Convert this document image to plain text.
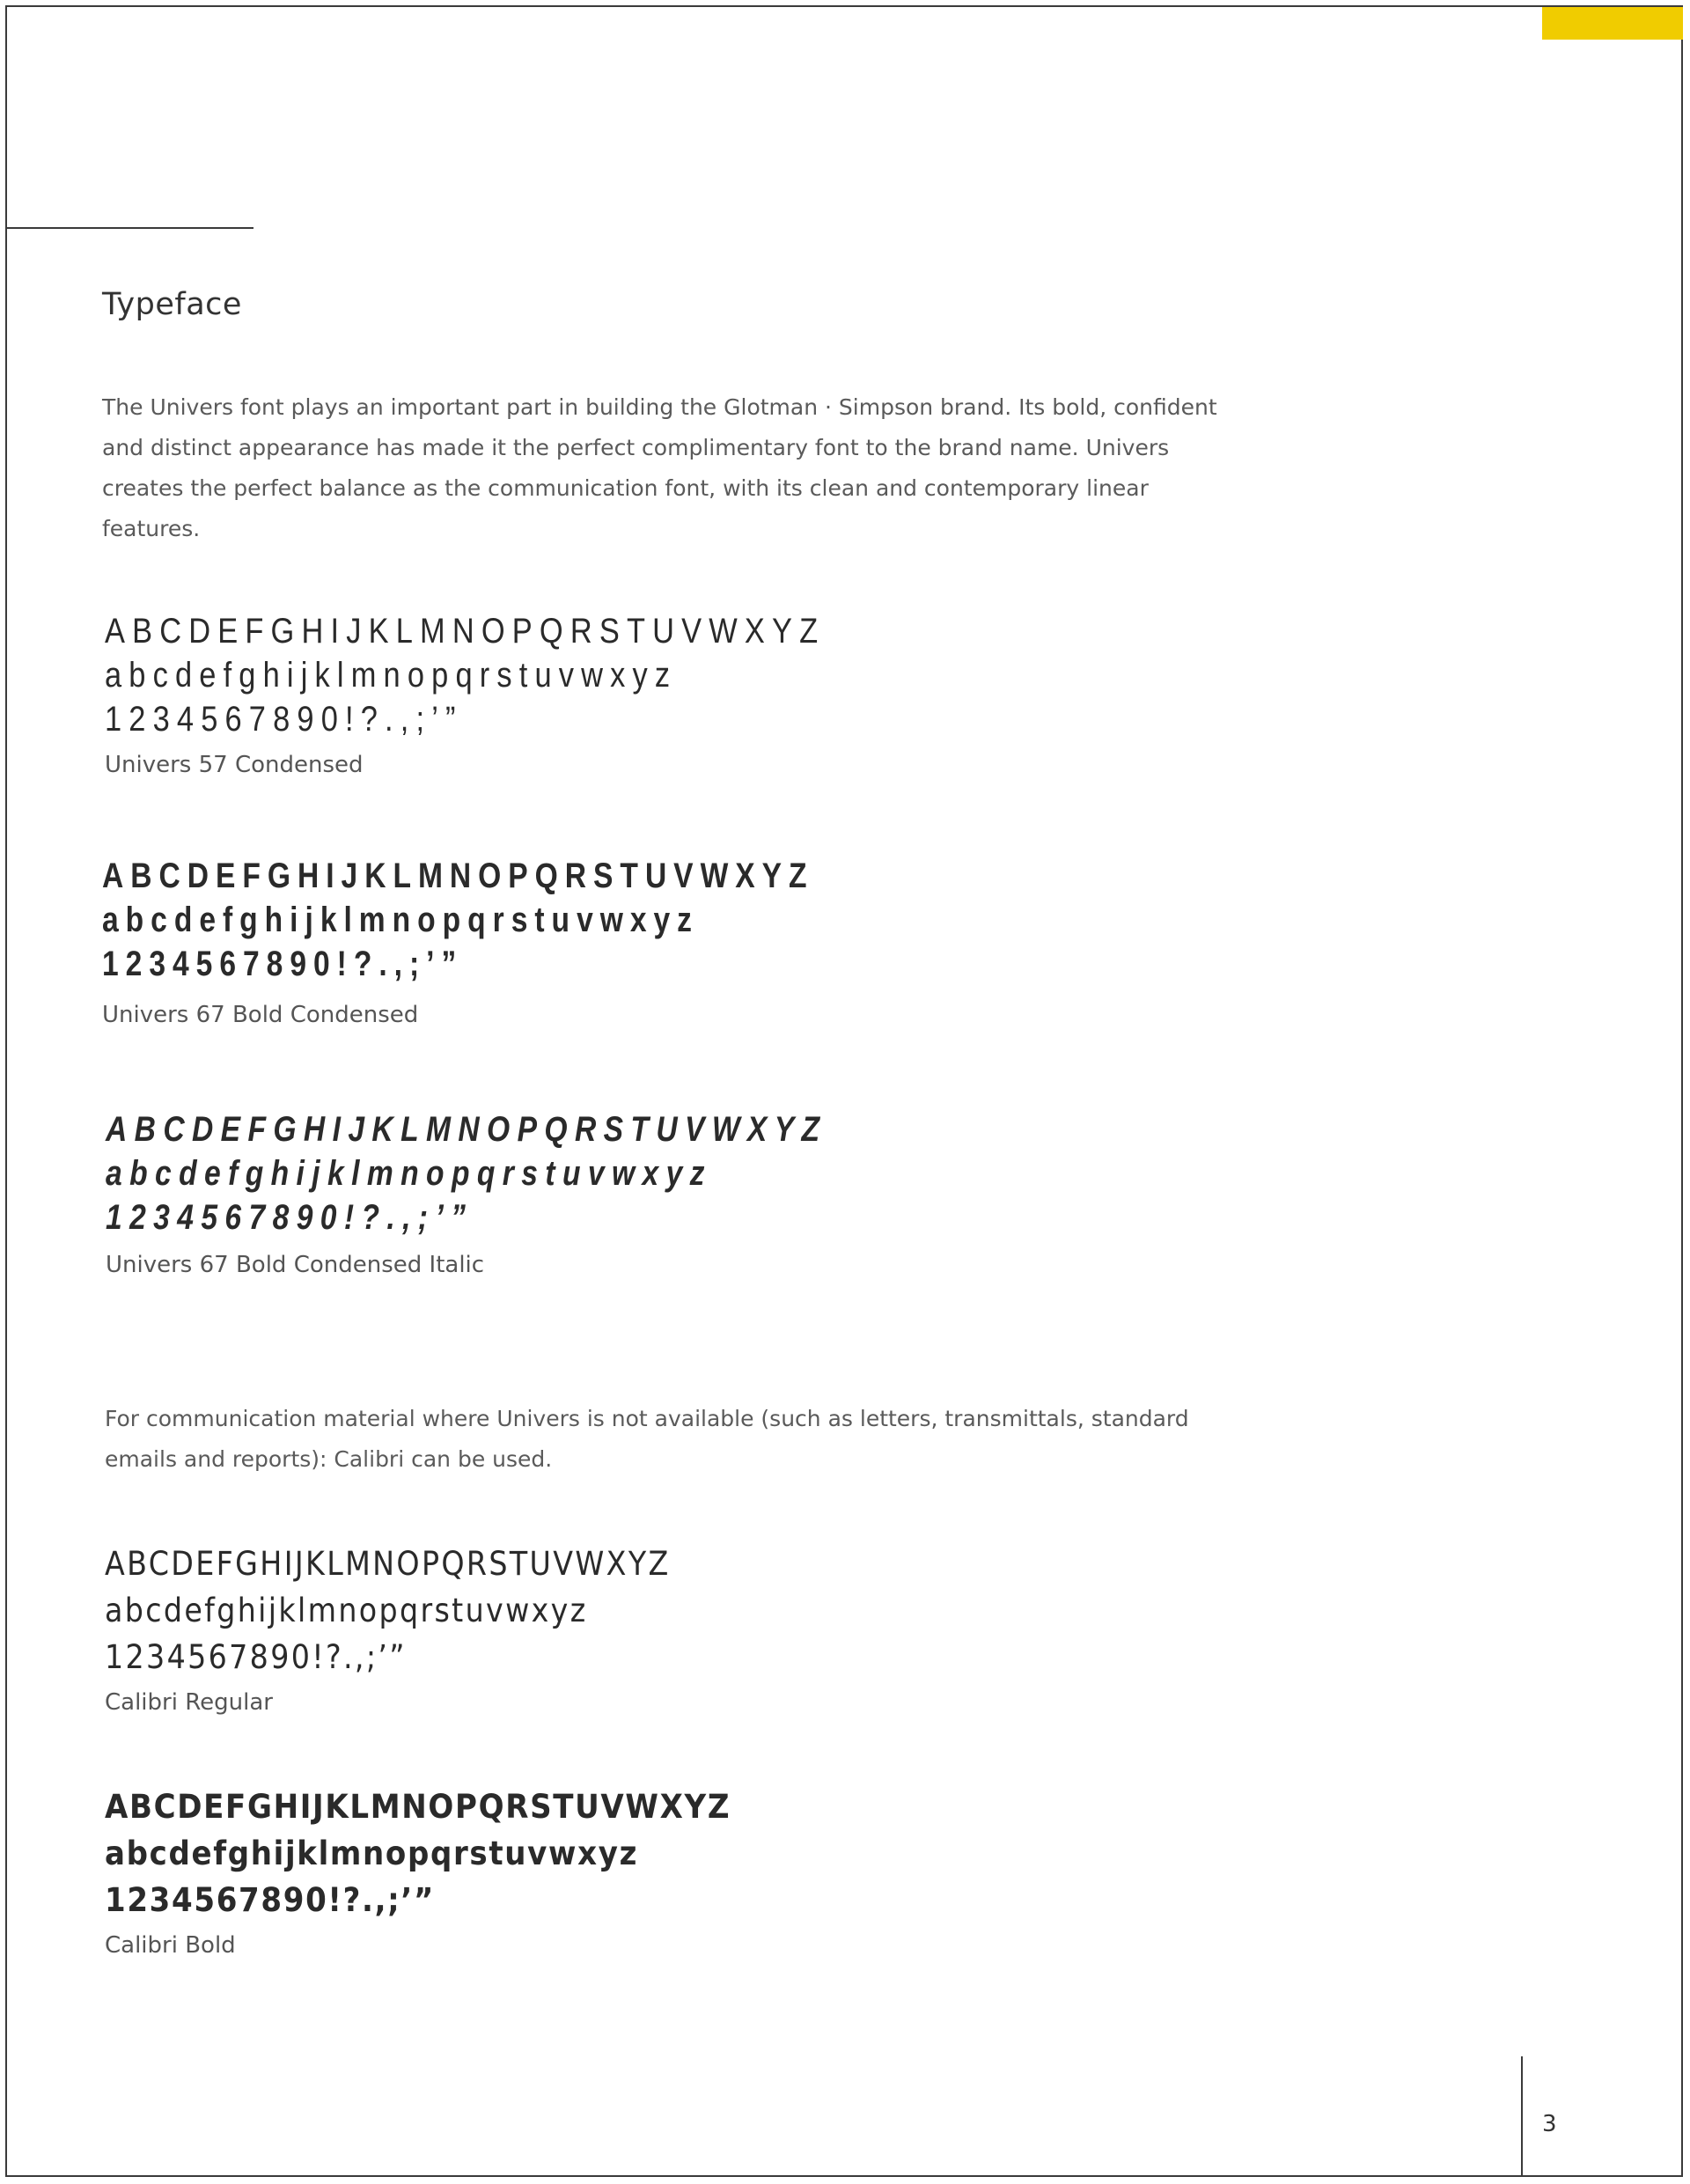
3
Typeface

The Univers font plays an important part in building the Glotman · Simpson brand. Its bold, confident and distinct appearance has made it the perfect complimentary font to the brand name. Univers creates the perfect balance as the communication font, with its clean and contemporary linear features.

ABCDEFGHIJKLMNOPQRSTUVWXYZ
abcdefghijklmnopqrstuvwxyz
1234567890!?.,;’”
Univers 57 Condensed
ABCDEFGHIJKLMNOPQRSTUVWXYZ
abcdefghijklmnopqrstuvwxyz
1234567890!?.,;’”
Univers 67 Bold Condensed
ABCDEFGHIJKLMNOPQRSTUVWXYZ
abcdefghijklmnopqrstuvwxyz
1234567890!?.,;’”
Univers 67 Bold Condensed Italic

For communication material where Univers is not available (such as letters, transmittals, standard emails and reports): Calibri can be used.

ABCDEFGHIJKLMNOPQRSTUVWXYZ
abcdefghijklmnopqrstuvwxyz
1234567890!?.,;’”
Calibri Regular
ABCDEFGHIJKLMNOPQRSTUVWXYZ
abcdefghijklmnopqrstuvwxyz
1234567890!?.,;’”
Calibri Bold
